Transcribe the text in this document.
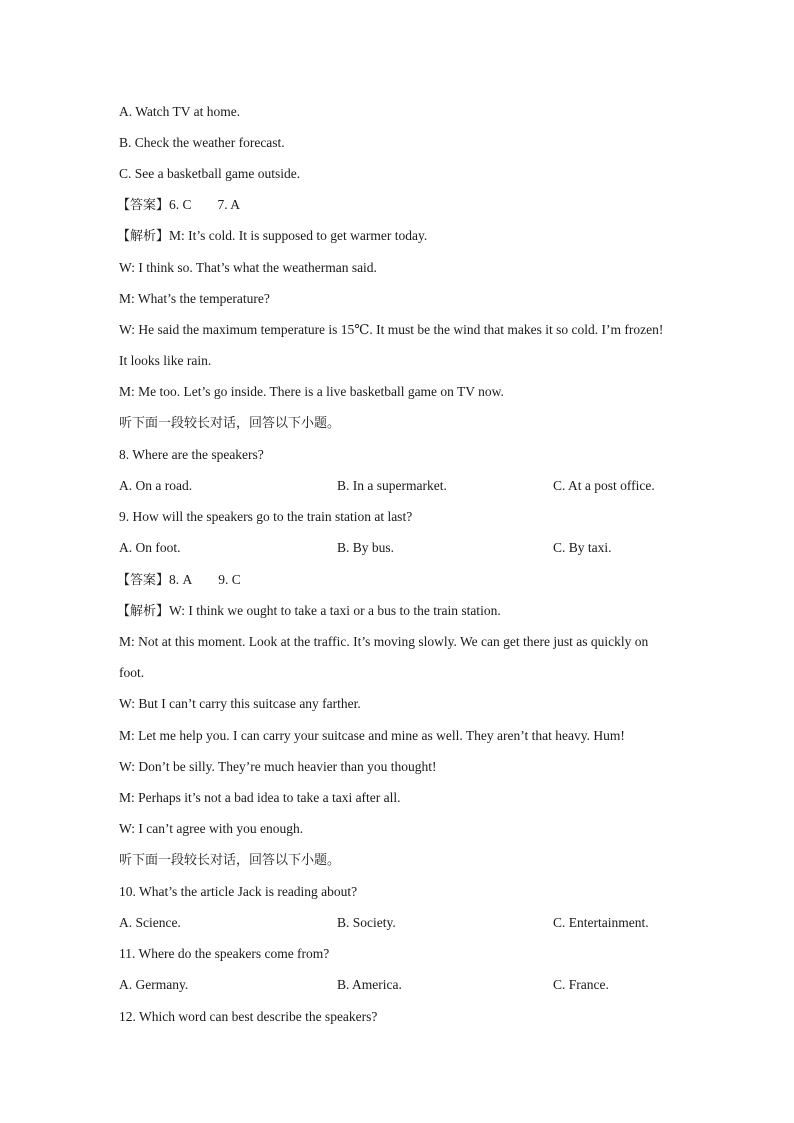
A. Watch TV at home.
B. Check the weather forecast.
C. See a basketball game outside.
【答案】6. C 7. A
【解析】M: It’s cold. It is supposed to get warmer today.
W: I think so. That’s what the weatherman said.
M: What’s the temperature?
W: He said the maximum temperature is 15℃. It must be the wind that makes it so cold. I’m frozen!
It looks like rain.
M: Me too. Let’s go inside. There is a live basketball game on TV now.
听下面一段较长对话，回答以下小题。
8. Where are the speakers?
A. On a road.	B. In a supermarket.	C. At a post office.
9. How will the speakers go to the train station at last?
A. On foot.	B. By bus.	C. By taxi.
【答案】8. A 9. C
【解析】W: I think we ought to take a taxi or a bus to the train station.
M: Not at this moment. Look at the traffic. It’s moving slowly. We can get there just as quickly on
foot.
W: But I can’t carry this suitcase any farther.
M: Let me help you. I can carry your suitcase and mine as well. They aren’t that heavy. Hum!
W: Don’t be silly. They’re much heavier than you thought!
M: Perhaps it’s not a bad idea to take a taxi after all.
W: I can’t agree with you enough.
听下面一段较长对话，回答以下小题。
10. What’s the article Jack is reading about?
A. Science.	B. Society.	C. Entertainment.
11. Where do the speakers come from?
A. Germany.	B. America.	C. France.
12. Which word can best describe the speakers?
